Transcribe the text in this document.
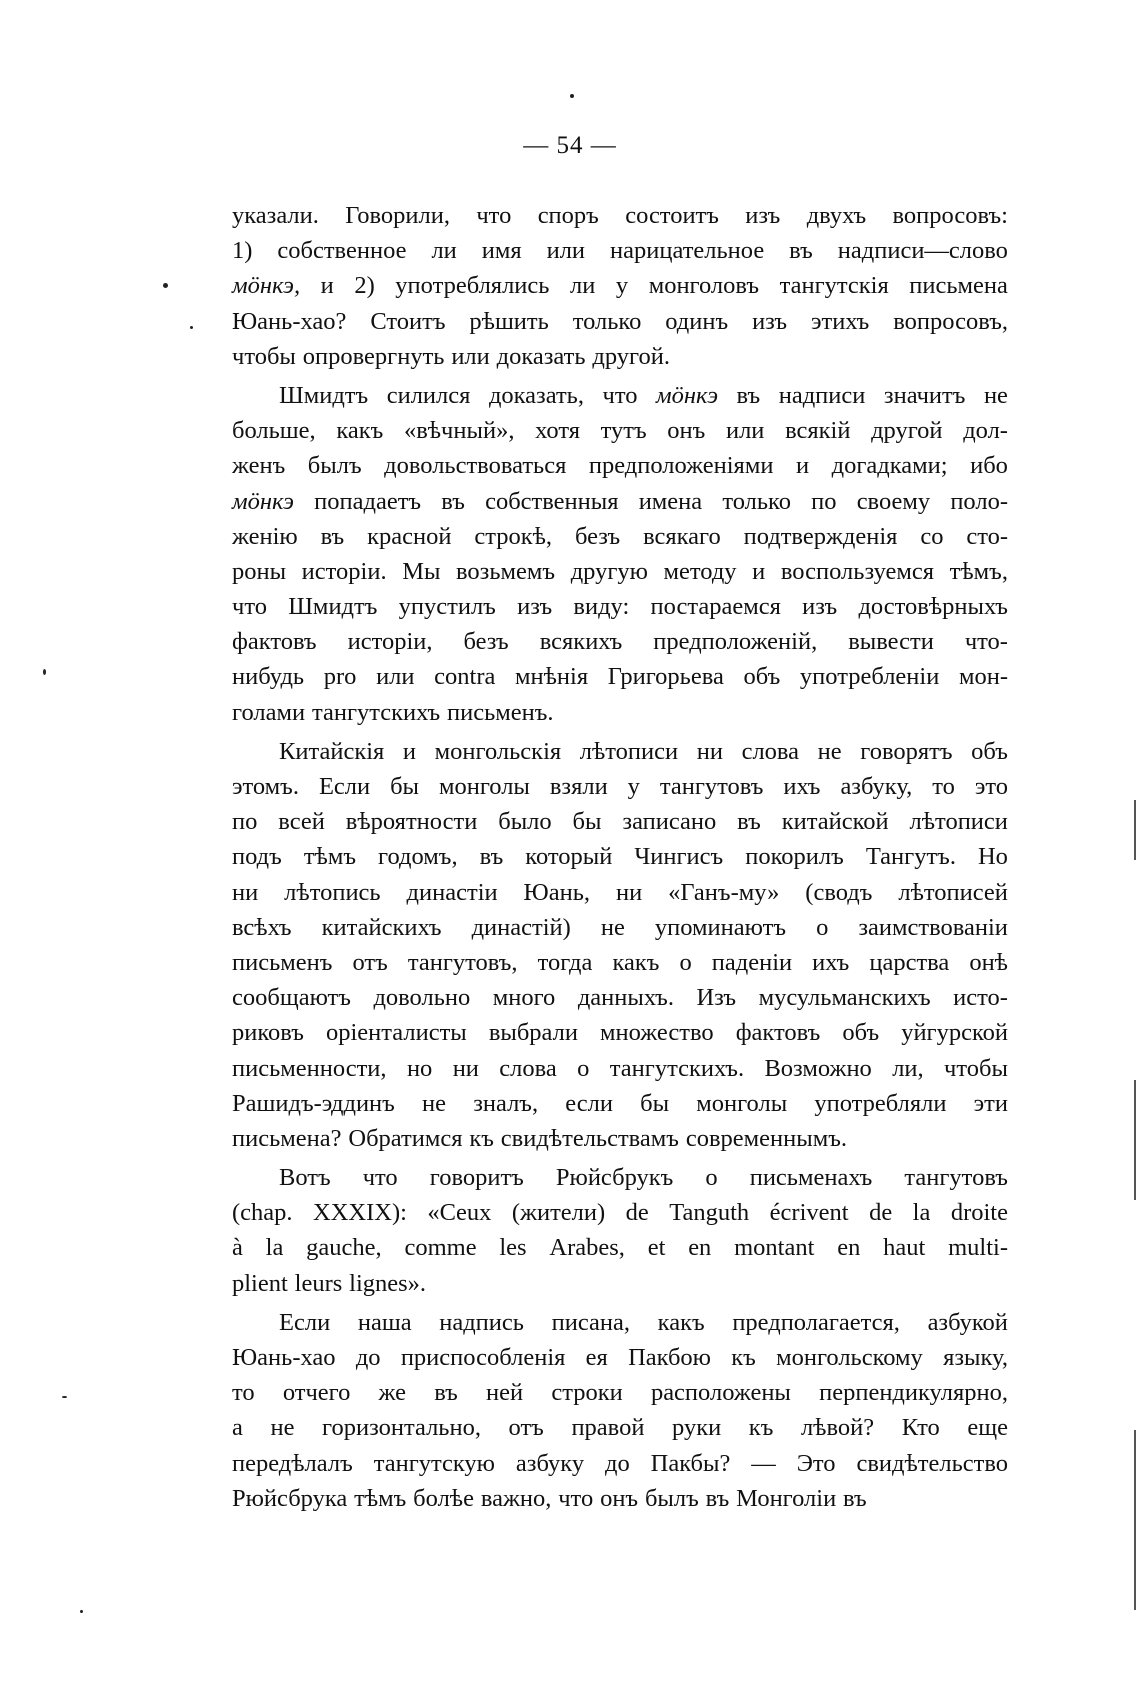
— 54 —
указали. Говорили, что споръ состоитъ изъ двухъ вопросовъ:
1) собственное ли имя или нарицательное въ надписи—слово
мӧнкэ, и 2) употреблялись ли у монголовъ тангутскія письмена
Юань-хао? Стоитъ рѣшить только одинъ изъ этихъ вопросовъ,
чтобы опровергнуть или доказать другой.
Шмидтъ силился доказать, что мӧнкэ въ надписи значитъ не
больше, какъ «вѣчный», хотя тутъ онъ или всякій другой дол-
женъ былъ довольствоваться предположеніями и догадками; ибо
мӧнкэ попадаетъ въ собственныя имена только по своему поло-
женію въ красной строкѣ, безъ всякаго подтвержденія со сто-
роны исторіи. Мы возьмемъ другую методу и воспользуемся тѣмъ,
что Шмидтъ упустилъ изъ виду: постараемся изъ достовѣрныхъ
фактовъ исторіи, безъ всякихъ предположеній, вывести что-
нибудь pro или contra мнѣнія Григорьева объ употребленіи мон-
голами тангутскихъ письменъ.
Китайскія и монгольскія лѣтописи ни слова не говорятъ объ
этомъ. Если бы монголы взяли у тангутовъ ихъ азбуку, то это
по всей вѣроятности было бы записано въ китайской лѣтописи
подъ тѣмъ годомъ, въ который Чингисъ покорилъ Тангутъ. Но
ни лѣтопись династіи Юань, ни «Ганъ-му» (сводъ лѣтописей
всѣхъ китайскихъ династій) не упоминаютъ о заимствованіи
письменъ отъ тангутовъ, тогда какъ о паденіи ихъ царства онѣ
сообщаютъ довольно много данныхъ. Изъ мусульманскихъ исто-
риковъ оріенталисты выбрали множество фактовъ объ уйгурской
письменности, но ни слова о тангутскихъ. Возможно ли, чтобы
Рашидъ-эддинъ не зналъ, если бы монголы употребляли эти
письмена? Обратимся къ свидѣтельствамъ современнымъ.
Вотъ что говоритъ Рюйсбрукъ о письменахъ тангутовъ
(chap. XXXIX): «Ceux (жители) de Tanguth écrivent de la droite
à la gauche, comme les Arabes, et en montant en haut multi-
plient leurs lignes».
Если наша надпись писана, какъ предполагается, азбукой
Юань-хао до приспособленія ея Пакбою къ монгольскому языку,
то отчего же въ ней строки расположены перпендикулярно,
а не горизонтально, отъ правой руки къ лѣвой? Кто еще
передѣлалъ тангутскую азбуку до Пакбы? — Это свидѣтельство
Рюйсбрука тѣмъ болѣе важно, что онъ былъ въ Монголіи въ
